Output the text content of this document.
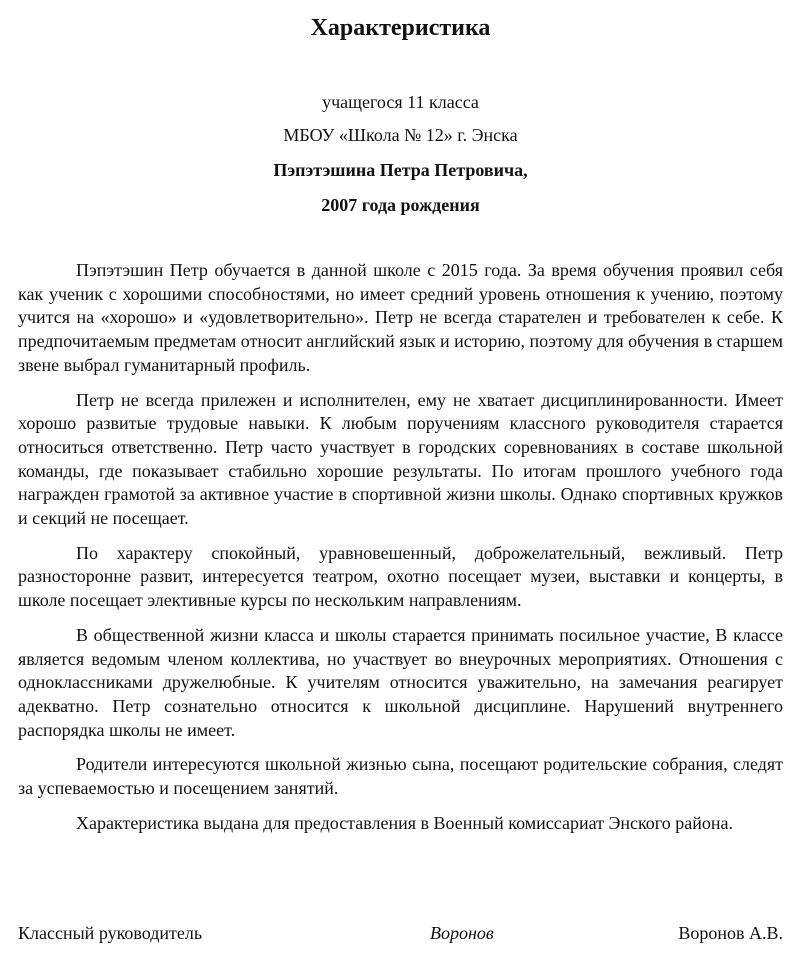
Характеристика

учащегося 11 класса

МБОУ «Школа № 12» г. Энска

Пэпэтэшина Петра Петровича,

2007 года рождения

Пэпэтэшин Петр обучается в данной школе с 2015 года. За время обучения проявил себя как ученик с хорошими способностями, но имеет средний уровень отношения к учению, поэтому учится на «хорошо» и «удовлетворительно». Петр не всегда старателен и требователен к себе. К предпочитаемым предметам относит английский язык и историю, поэтому для обучения в старшем звене выбрал гуманитарный профиль.

Петр не всегда прилежен и исполнителен, ему не хватает дисциплинированности. Имеет хорошо развитые трудовые навыки. К любым поручениям классного руководителя старается относиться ответственно. Петр часто участвует в городских соревнованиях в составе школьной команды, где показывает стабильно хорошие результаты. По итогам прошлого учебного года награжден грамотой за активное участие в спортивной жизни школы. Однако спортивных кружков и секций не посещает.

По характеру спокойный, уравновешенный, доброжелательный, вежливый. Петр разносторонне развит, интересуется театром, охотно посещает музеи, выставки и концерты, в школе посещает элективные курсы по нескольким направлениям.

В общественной жизни класса и школы старается принимать посильное участие, В классе является ведомым членом коллектива, но участвует во внеурочных мероприятиях. Отношения с одноклассниками дружелюбные. К учителям относится уважительно, на замечания реагирует адекватно. Петр сознательно относится к школьной дисциплине. Нарушений внутреннего распорядка школы не имеет.

Родители интересуются школьной жизнью сына, посещают родительские собрания, следят за успеваемостью и посещением занятий.

Характеристика выдана для предоставления в Военный комиссариат Энского района.

Классный руководитель	Воронов	Воронов А.В.
